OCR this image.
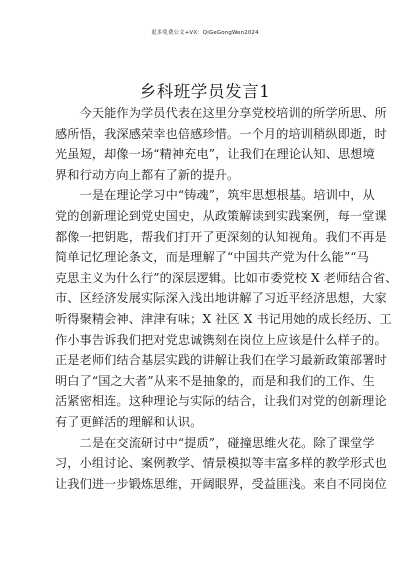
更多免费公文+VX：QiGeGongWen2024
乡科班学员发言1
　　今天能作为学员代表在这里分享党校培训的所学所思、所
感所悟，我深感荣幸也倍感珍惜。一个月的培训稍纵即逝，时
光虽短，却像一场“精神充电”，让我们在理论认知、思想境
界和行动方向上都有了新的提升。
　　一是在理论学习中“铸魂”，筑牢思想根基。培训中，从
党的创新理论到党史国史，从政策解读到实践案例，每一堂课
都像一把钥匙，帮我们打开了更深刻的认知视角。我们不再是
简单记忆理论条文，而是理解了“中国共产党为什么能”“马
克思主义为什么行”的深层逻辑。比如市委党校 X 老师结合省、
市、区经济发展实际深入浅出地讲解了习近平经济思想，大家
听得聚精会神、津津有味；X 社区 X 书记用她的成长经历、工
作小事告诉我们把对党忠诚镌刻在岗位上应该是什么样子的。
正是老师们结合基层实践的讲解让我们在学习最新政策部署时
明白了“国之大者”从来不是抽象的，而是和我们的工作、生
活紧密相连。这种理论与实际的结合，让我们对党的创新理论
有了更鲜活的理解和认识。
　　二是在交流研讨中“提质”，碰撞思维火花。除了课堂学
习，小组讨论、案例教学、情景模拟等丰富多样的教学形式也
让我们进一步锻炼思维，开阔眼界，受益匪浅。来自不同岗位
